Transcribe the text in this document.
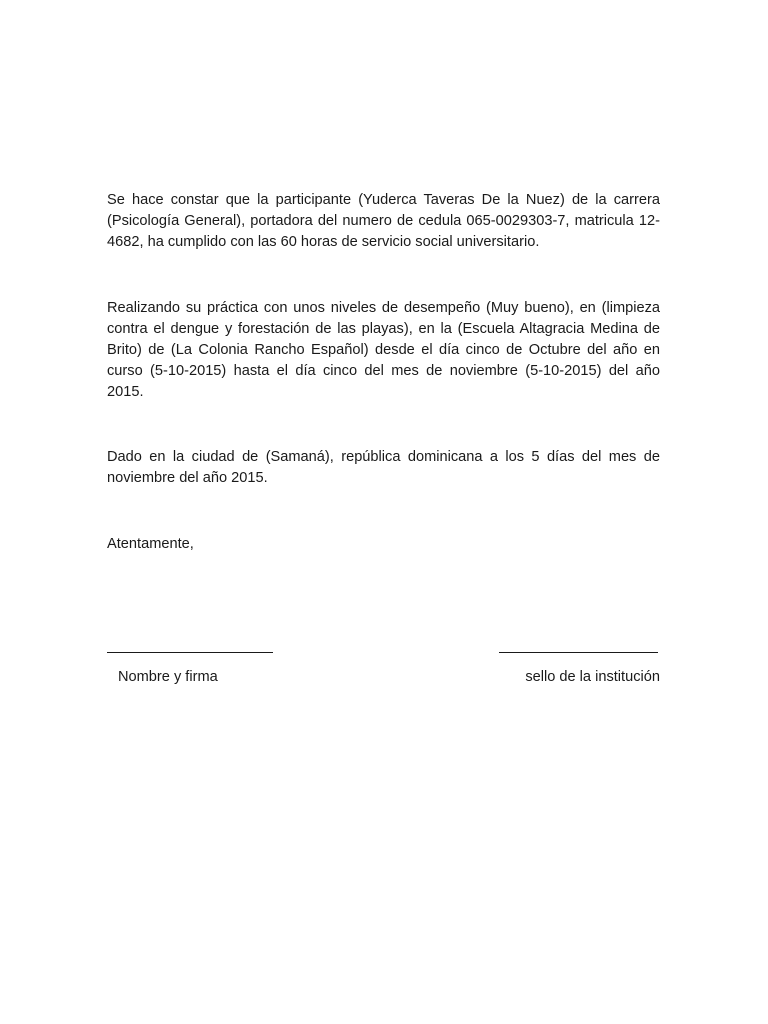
Se hace constar que la participante (Yuderca Taveras De la Nuez) de la carrera (Psicología General), portadora del numero de cedula 065-0029303-7, matricula 12-4682, ha cumplido con las 60 horas de servicio social universitario.
Realizando su práctica con unos niveles de desempeño (Muy bueno), en (limpieza contra el dengue y forestación de las playas), en la (Escuela Altagracia Medina de Brito) de (La Colonia Rancho Español) desde el día cinco de Octubre del año en curso (5-10-2015) hasta el día cinco del mes de noviembre (5-10-2015) del año 2015.
Dado en la ciudad de (Samaná), república dominicana a los 5 días del mes de noviembre del año 2015.
Atentamente,
Nombre y firma	sello de la institución
